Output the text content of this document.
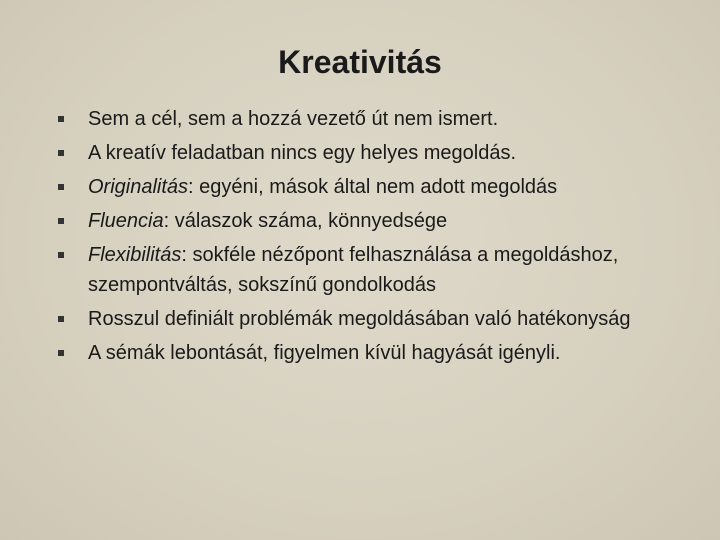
Kreativitás
Sem a cél, sem a hozzá vezető út nem ismert.
A kreatív feladatban nincs egy helyes megoldás.
Originalitás: egyéni, mások által nem adott megoldás
Fluencia: válaszok száma, könnyedsége
Flexibilitás: sokféle nézőpont felhasználása a megoldáshoz, szempontváltás, sokszínű gondolkodás
Rosszul definiált problémák megoldásában való hatékonyság
A sémák lebontását, figyelmen kívül hagyását igényli.
